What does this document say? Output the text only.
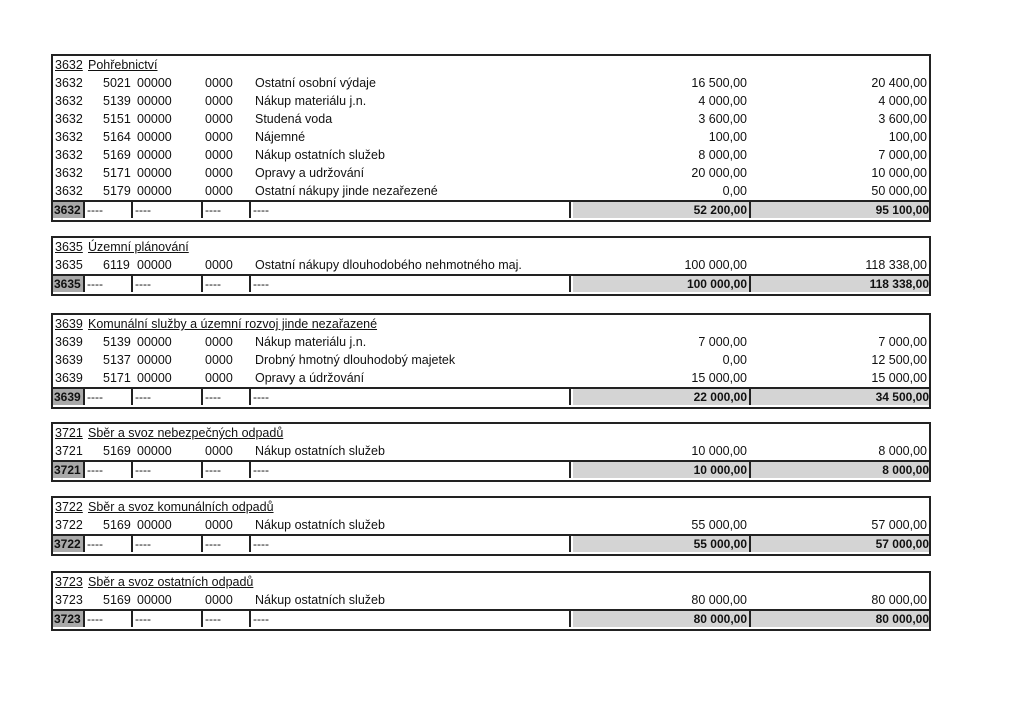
3632 Pohřebnictví
3632 5021 00000	0000 Ostatní osobní výdaje	16 500,00	20 400,00
3632 5139 00000	0000 Nákup materiálu j.n.	4 000,00	4 000,00
3632 5151 00000	0000 Studená voda	3 600,00	3 600,00
3632 5164 00000	0000 Nájemné	100,00	100,00
3632 5169 00000	0000 Nákup ostatních služeb	8 000,00	7 000,00
3632 5171 00000	0000 Opravy a udržování	20 000,00	10 000,00
3632 5179 00000	0000 Ostatní nákupy jinde nezařezené	0,00	50 000,00
3632 ----	----	----	----	52 200,00	95 100,00
3635 Územní plánování
3635 6119 00000	0000 Ostatní nákupy dlouhodobého nehmotného maj.	100 000,00	118 338,00
3635 ----	----	----	----	100 000,00	118 338,00
3639 Komunální služby a územní rozvoj jinde nezařazené
3639 5139 00000	0000 Nákup materiálu j.n.	7 000,00	7 000,00
3639 5137 00000	0000 Drobný hmotný dlouhodobý majetek	0,00	12 500,00
3639 5171 00000	0000 Opravy a údržování	15 000,00	15 000,00
3639 ----	----	----	----	22 000,00	34 500,00
3721 Sběr a svoz nebezpečných odpadů
3721 5169 00000	0000 Nákup ostatních služeb	10 000,00	8 000,00
3721 ----	----	----	----	10 000,00	8 000,00
3722 Sběr a svoz komunálních odpadů
3722 5169 00000	0000 Nákup ostatních služeb	55 000,00	57 000,00
3722 ----	----	----	----	55 000,00	57 000,00
3723 Sběr a svoz ostatních odpadů
3723 5169 00000	0000 Nákup ostatních služeb	80 000,00	80 000,00
3723 ----	----	----	----	80 000,00	80 000,00
